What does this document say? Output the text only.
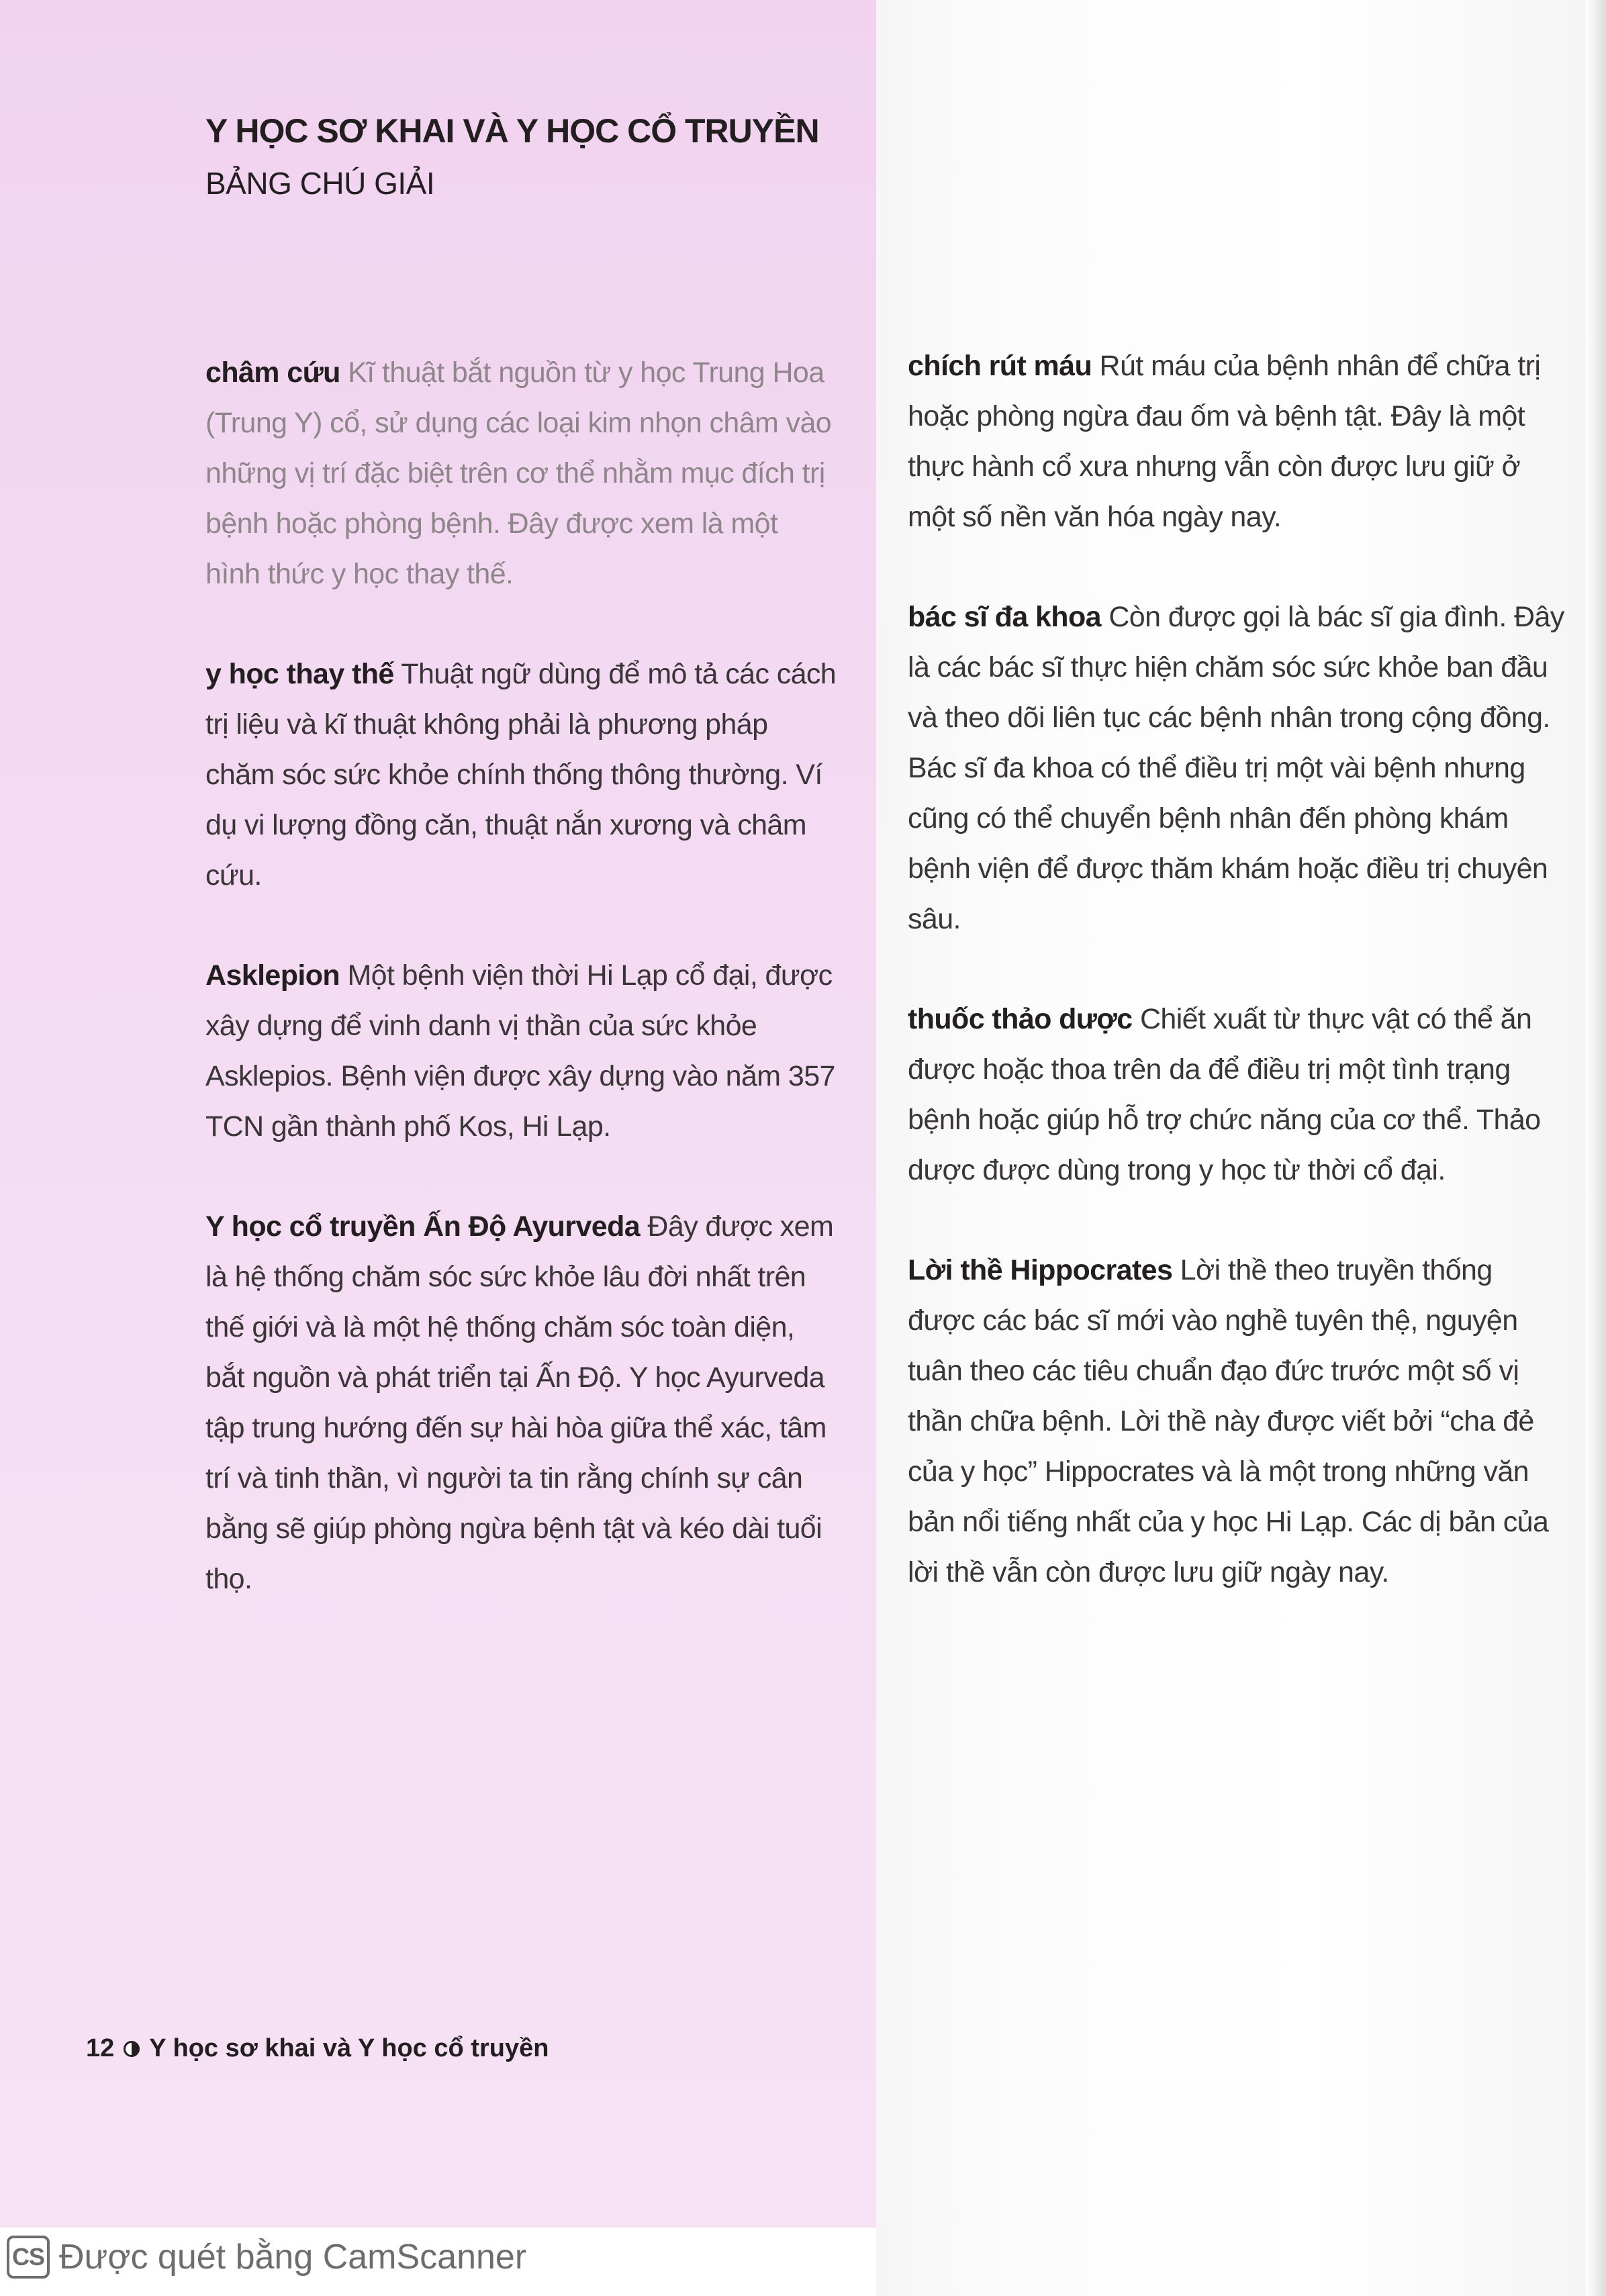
Y HỌC SƠ KHAI VÀ Y HỌC CỔ TRUYỀN
BẢNG CHÚ GIẢI

châm cứu Kĩ thuật bắt nguồn từ y học Trung Hoa (Trung Y) cổ, sử dụng các loại kim nhọn châm vào những vị trí đặc biệt trên cơ thể nhằm mục đích trị bệnh hoặc phòng bệnh. Đây được xem là một hình thức y học thay thế.

y học thay thế Thuật ngữ dùng để mô tả các cách trị liệu và kĩ thuật không phải là phương pháp chăm sóc sức khỏe chính thống thông thường. Ví dụ vi lượng đồng căn, thuật nắn xương và châm cứu.

Asklepion Một bệnh viện thời Hi Lạp cổ đại, được xây dựng để vinh danh vị thần của sức khỏe Asklepios. Bệnh viện được xây dựng vào năm 357 TCN gần thành phố Kos, Hi Lạp.

Y học cổ truyền Ấn Độ Ayurveda Đây được xem là hệ thống chăm sóc sức khỏe lâu đời nhất trên thế giới và là một hệ thống chăm sóc toàn diện, bắt nguồn và phát triển tại Ấn Độ. Y học Ayurveda tập trung hướng đến sự hài hòa giữa thể xác, tâm trí và tinh thần, vì người ta tin rằng chính sự cân bằng sẽ giúp phòng ngừa bệnh tật và kéo dài tuổi thọ.

chích rút máu Rút máu của bệnh nhân để chữa trị hoặc phòng ngừa đau ốm và bệnh tật. Đây là một thực hành cổ xưa nhưng vẫn còn được lưu giữ ở một số nền văn hóa ngày nay.

bác sĩ đa khoa Còn được gọi là bác sĩ gia đình. Đây là các bác sĩ thực hiện chăm sóc sức khỏe ban đầu và theo dõi liên tục các bệnh nhân trong cộng đồng. Bác sĩ đa khoa có thể điều trị một vài bệnh nhưng cũng có thể chuyển bệnh nhân đến phòng khám bệnh viện để được thăm khám hoặc điều trị chuyên sâu.

thuốc thảo dược Chiết xuất từ thực vật có thể ăn được hoặc thoa trên da để điều trị một tình trạng bệnh hoặc giúp hỗ trợ chức năng của cơ thể. Thảo dược được dùng trong y học từ thời cổ đại.

Lời thề Hippocrates Lời thề theo truyền thống được các bác sĩ mới vào nghề tuyên thệ, nguyện tuân theo các tiêu chuẩn đạo đức trước một số vị thần chữa bệnh. Lời thề này được viết bởi “cha đẻ của y học” Hippocrates và là một trong những văn bản nổi tiếng nhất của y học Hi Lạp. Các dị bản của lời thề vẫn còn được lưu giữ ngày nay.

12 Y học sơ khai và Y học cổ truyền
CS Được quét bằng CamScanner
